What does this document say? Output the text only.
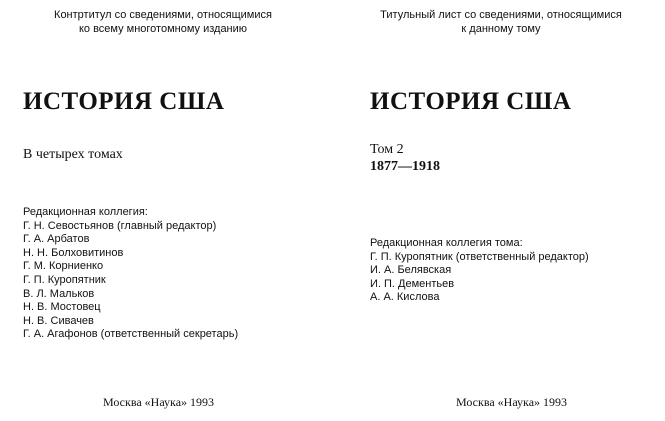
Контртитул со сведениями, относящимися
ко всему многотомному изданию
ИСТОРИЯ США
В четырех томах
Редакционная коллегия:
Г. Н. Севостьянов (главный редактор)
Г. А. Арбатов
Н. Н. Болховитинов
Г. М. Корниенко
Г. П. Куропятник
В. Л. Мальков
Н. В. Мостовец
Н. В. Сивачев
Г. А. Агафонов (ответственный секретарь)
Москва «Наука» 1993
Титульный лист со сведениями, относящимися
к данному тому
ИСТОРИЯ США
Том 2
1877—1918
Редакционная коллегия тома:
Г. П. Куропятник (ответственный редактор)
И. А. Белявская
И. П. Дементьев
А. А. Кислова
Москва «Наука» 1993
